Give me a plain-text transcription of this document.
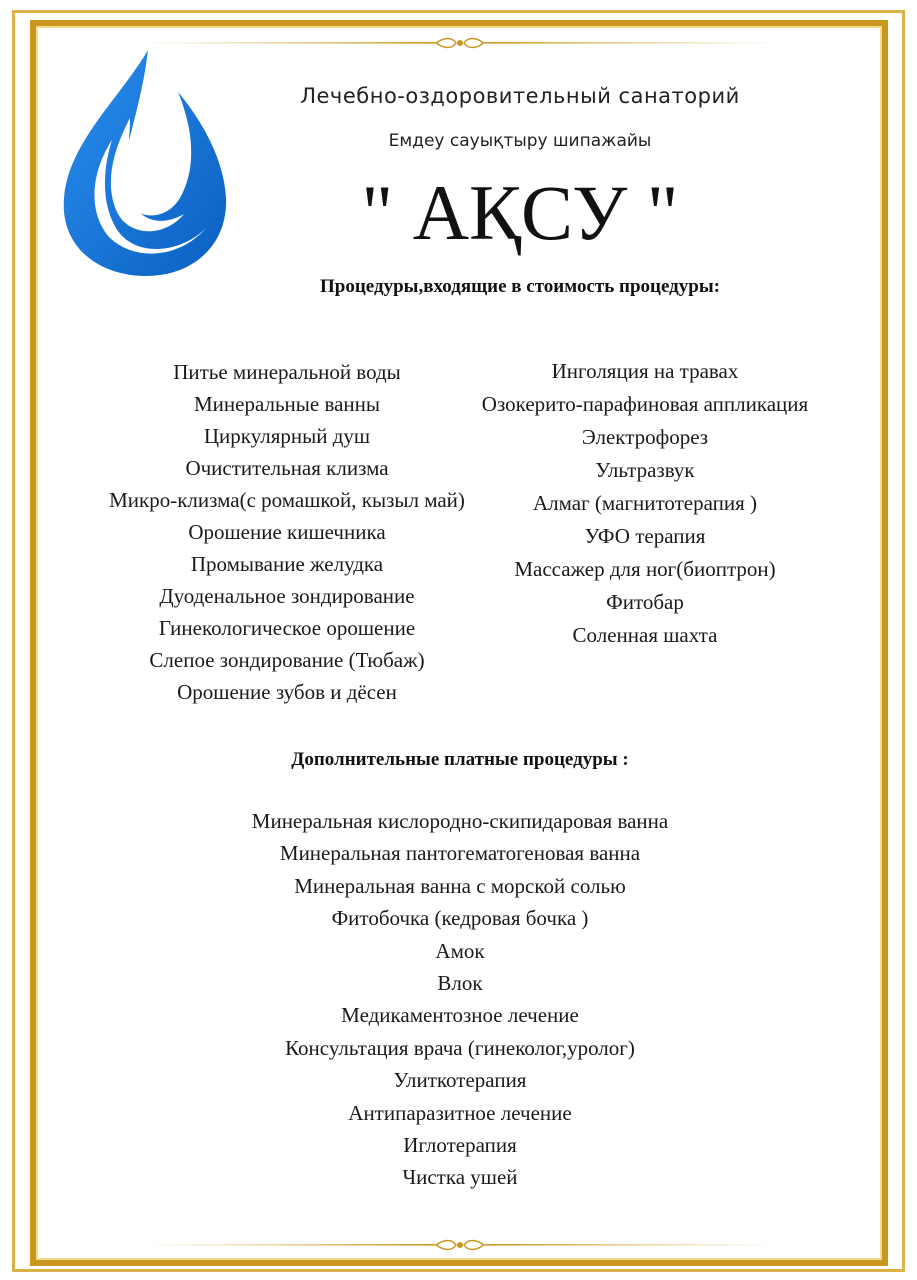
Лечебно-оздоровительный санаторий
Емдеу сауықтыру шипажайы
" АҚСУ "
Процедуры,входящие в стоимость процедуры:
Питье минеральной воды
Минеральные ванны
Циркулярный душ
Очистительная клизма
Микро-клизма(с ромашкой, кызыл май)
Орошение кишечника
Промывание желудка
Дуоденальное зондирование
Гинекологическое орошение
Слепое зондирование (Тюбаж)
Орошение зубов и дёсен
Инголяция на травах
Озокерито-парафиновая аппликация
Электрофорез
Ультразвук
Алмаг (магнитотерапия )
УФО терапия
Массажер для ног(биоптрон)
Фитобар
Соленная шахта
Дополнительные платные процедуры :
Минеральная кислородно-скипидаровая ванна
Минеральная пантогематогеновая ванна
Минеральная ванна с морской солью
Фитобочка (кедровая бочка )
Амок
Влок
Медикаментозное лечение
Консультация врача (гинеколог,уролог)
Улиткотерапия
Антипаразитное лечение
Иглотерапия
Чистка ушей
